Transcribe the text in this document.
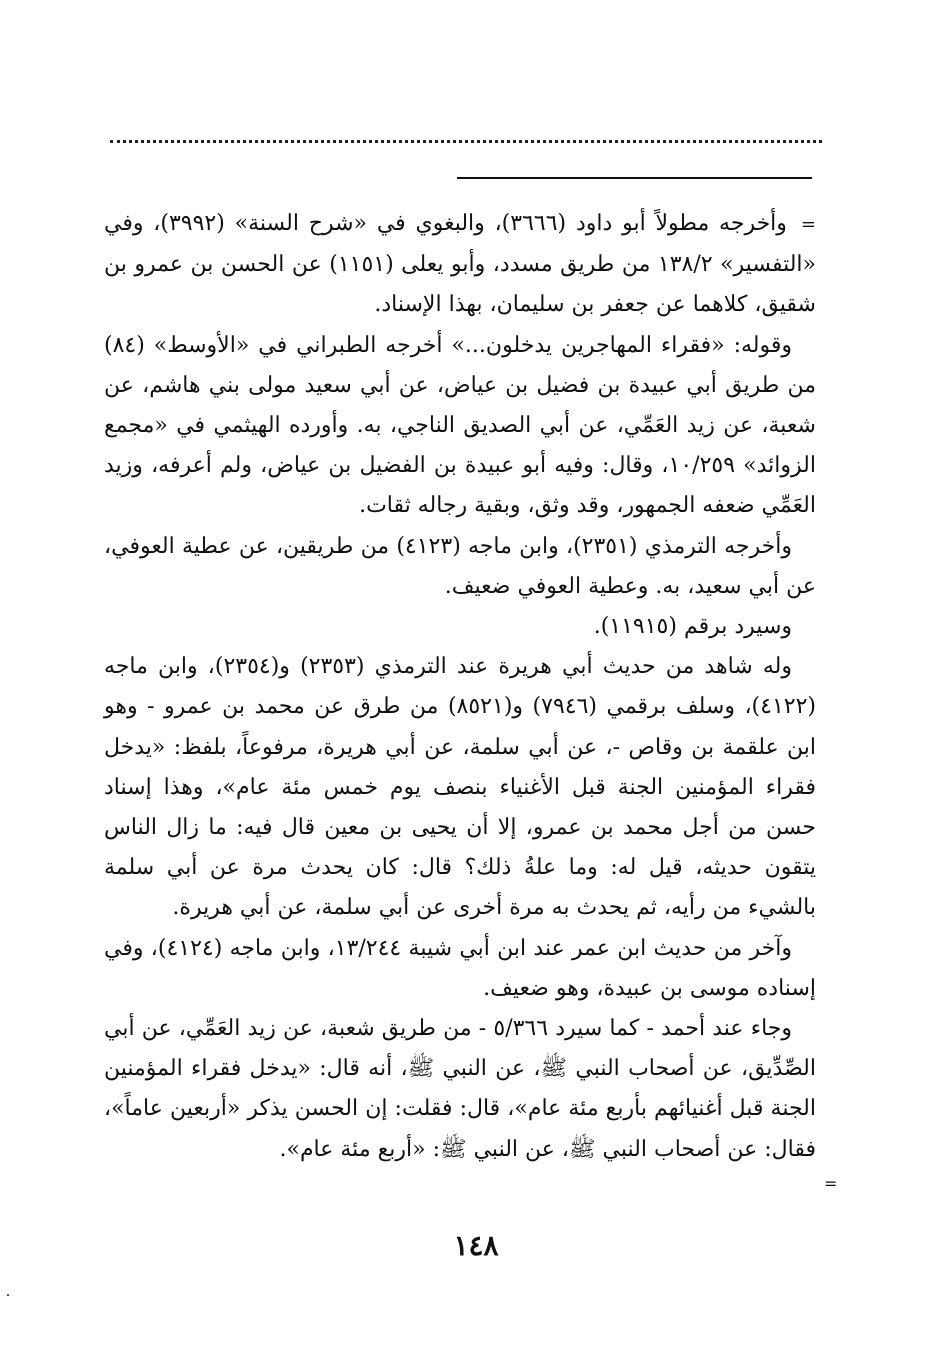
=وأخرجه مطولاً أبو داود (٣٦٦٦)، والبغوي في «شرح السنة» (٣٩٩٢)، وفي «التفسير» ١٣٨/٢ من طريق مسدد، وأبو يعلى (١١٥١) عن الحسن بن عمرو بن شقيق، كلاهما عن جعفر بن سليمان، بهذا الإسناد.

وقوله: «فقراء المهاجرين يدخلون...» أخرجه الطبراني في «الأوسط» (٨٤) من طريق أبي عبيدة بن فضيل بن عياض، عن أبي سعيد مولى بني هاشم، عن شعبة، عن زيد العَمِّي، عن أبي الصديق الناجي، به. وأورده الهيثمي في «مجمع الزوائد» ١٠/٢٥٩، وقال: وفيه أبو عبيدة بن الفضيل بن عياض، ولم أعرفه، وزيد العَمِّي ضعفه الجمهور، وقد وثق، وبقية رجاله ثقات.

وأخرجه الترمذي (٢٣٥١)، وابن ماجه (٤١٢٣) من طريقين، عن عطية العوفي، عن أبي سعيد، به. وعطية العوفي ضعيف.

وسيرد برقم (١١٩١٥).

وله شاهد من حديث أبي هريرة عند الترمذي (٢٣٥٣) و(٢٣٥٤)، وابن ماجه (٤١٢٢)، وسلف برقمي (٧٩٤٦) و(٨٥٢١) من طرق عن محمد بن عمرو - وهو ابن علقمة بن وقاص -، عن أبي سلمة، عن أبي هريرة، مرفوعاً، بلفظ: «يدخل فقراء المؤمنين الجنة قبل الأغنياء بنصف يوم خمس مئة عام»، وهذا إسناد حسن من أجل محمد بن عمرو، إلا أن يحيى بن معين قال فيه: ما زال الناس يتقون حديثه، قيل له: وما علةُ ذلك؟ قال: كان يحدث مرة عن أبي سلمة بالشيء من رأيه، ثم يحدث به مرة أخرى عن أبي سلمة، عن أبي هريرة.

وآخر من حديث ابن عمر عند ابن أبي شيبة ١٣/٢٤٤، وابن ماجه (٤١٢٤)، وفي إسناده موسى بن عبيدة، وهو ضعيف.

وجاء عند أحمد - كما سيرد ٥/٣٦٦ - من طريق شعبة، عن زيد العَمِّي، عن أبي الصِّدِّيق، عن أصحاب النبي ﷺ، عن النبي ﷺ، أنه قال: «يدخل فقراء المؤمنين الجنة قبل أغنيائهم بأربع مئة عام»، قال: فقلت: إن الحسن يذكر «أربعين عاماً»، فقال: عن أصحاب النبي ﷺ، عن النبي ﷺ: «أربع مئة عام».

=
١٤٨
